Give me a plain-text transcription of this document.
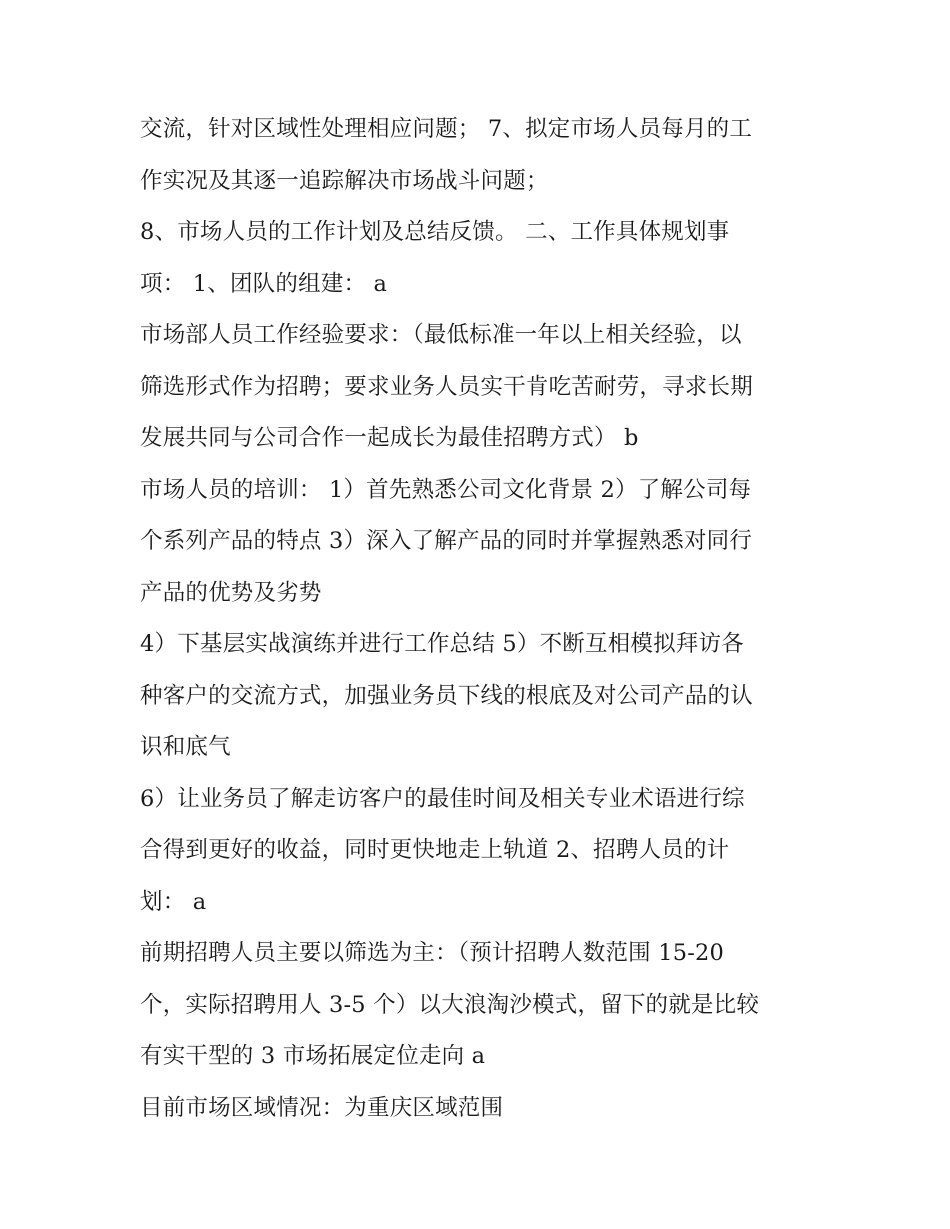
交流，针对区域性处理相应问题； 7、拟定市场人员每月的工
作实况及其逐一追踪解决市场战斗问题；
8、市场人员的工作计划及总结反馈。 二、工作具体规划事
项： 1、团队的组建： a
市场部人员工作经验要求：（最低标准一年以上相关经验，以
筛选形式作为招聘；要求业务人员实干肯吃苦耐劳，寻求长期
发展共同与公司合作一起成长为最佳招聘方式） b
市场人员的培训： 1）首先熟悉公司文化背景 2）了解公司每
个系列产品的特点 3）深入了解产品的同时并掌握熟悉对同行
产品的优势及劣势
4）下基层实战演练并进行工作总结 5）不断互相模拟拜访各
种客户的交流方式，加强业务员下线的根底及对公司产品的认
识和底气
6）让业务员了解走访客户的最佳时间及相关专业术语进行综
合得到更好的收益，同时更快地走上轨道 2、招聘人员的计
划： a
前期招聘人员主要以筛选为主：（预计招聘人数范围 15-20
个，实际招聘用人 3-5 个）以大浪淘沙模式，留下的就是比较
有实干型的 3 市场拓展定位走向 a
目前市场区域情况：为重庆区域范围
